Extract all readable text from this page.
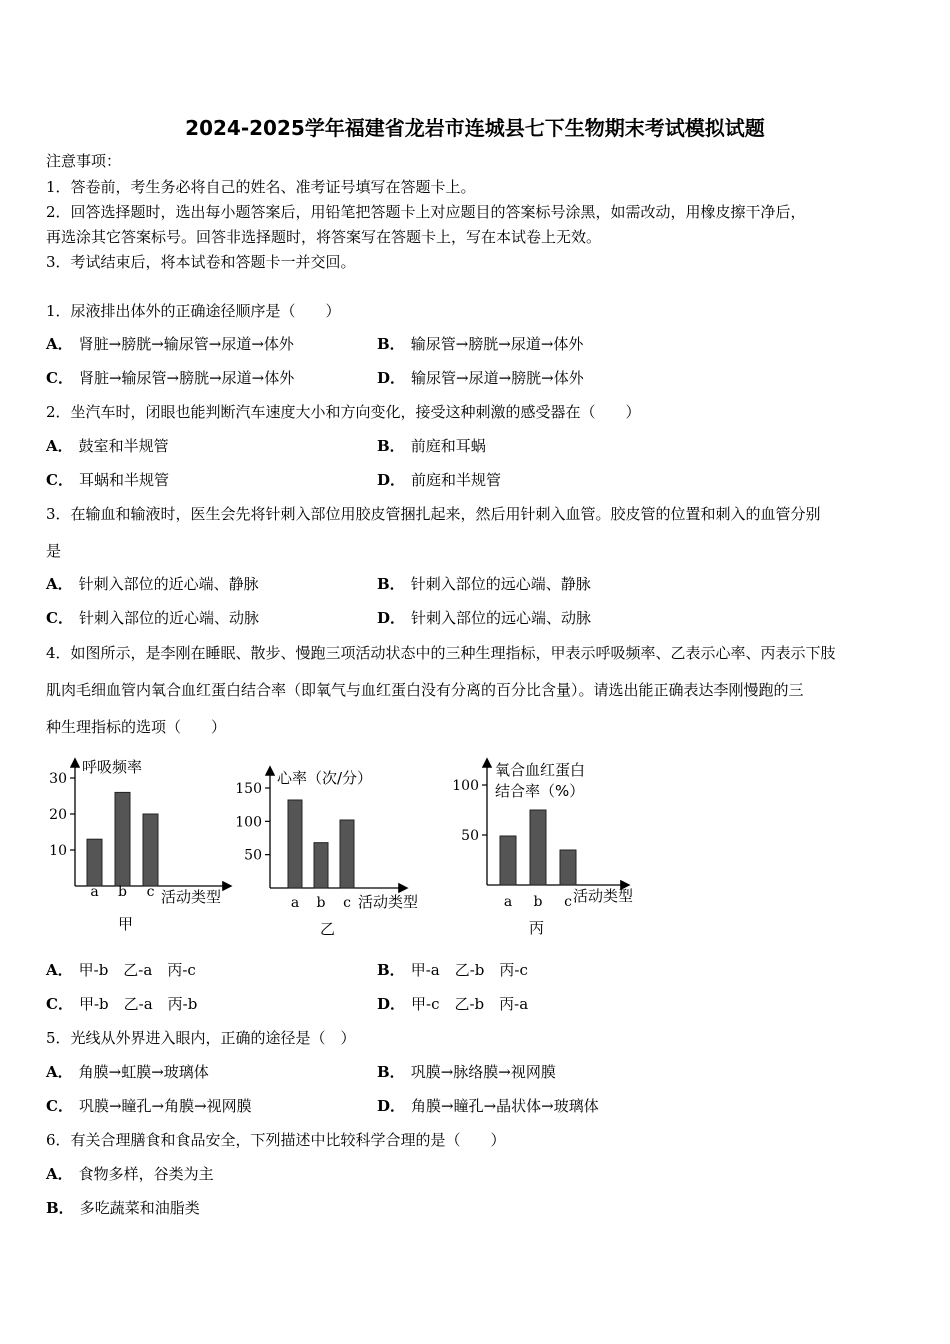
2024-2025学年福建省龙岩市连城县七下生物期末考试模拟试题
注意事项：
1．答卷前，考生务必将自己的姓名、准考证号填写在答题卡上。
2．回答选择题时，选出每小题答案后，用铅笔把答题卡上对应题目的答案标号涂黑，如需改动，用橡皮擦干净后，
再选涂其它答案标号。回答非选择题时，将答案写在答题卡上，写在本试卷上无效。
3．考试结束后，将本试卷和答题卡一并交回。
1．尿液排出体外的正确途径顺序是（　　）
A． 肾脏→膀胱→输尿管→尿道→体外	B． 输尿管→膀胱→尿道→体外
C． 肾脏→输尿管→膀胱→尿道→体外	D． 输尿管→尿道→膀胱→体外
2．坐汽车时，闭眼也能判断汽车速度大小和方向变化，接受这种刺激的感受器在（　　）
A． 鼓室和半规管	B． 前庭和耳蜗
C． 耳蜗和半规管	D． 前庭和半规管
3．在输血和输液时，医生会先将针刺入部位用胶皮管捆扎起来，然后用针刺入血管。胶皮管的位置和刺入的血管分别
是
A． 针刺入部位的近心端、静脉	B． 针刺入部位的远心端、静脉
C． 针刺入部位的近心端、动脉	D． 针刺入部位的远心端、动脉
4．如图所示，是李刚在睡眠、散步、慢跑三项活动状态中的三种生理指标，甲表示呼吸频率、乙表示心率、丙表示下肢
肌肉毛细血管内氧合血红蛋白结合率（即氧气与血红蛋白没有分离的百分比含量）。请选出能正确表达李刚慢跑的三
种生理指标的选项（　　）
呼吸频率
10
20
30
a b c 活动类型
甲
心率（次/分）
50
100
150
a b c 活动类型
乙
氧合血红蛋白
结合率（%）
50
100
a b c 活动类型
丙
A． 甲-b　乙-a　丙-c	B． 甲-a　乙-b　丙-c
C． 甲-b　乙-a　丙-b	D． 甲-c　乙-b　丙-a
5．光线从外界进入眼内，正确的途径是（　）
A． 角膜→虹膜→玻璃体	B． 巩膜→脉络膜→视网膜
C． 巩膜→瞳孔→角膜→视网膜	D． 角膜→瞳孔→晶状体→玻璃体
6．有关合理膳食和食品安全，下列描述中比较科学合理的是（　　）
A． 食物多样，谷类为主
B． 多吃蔬菜和油脂类
